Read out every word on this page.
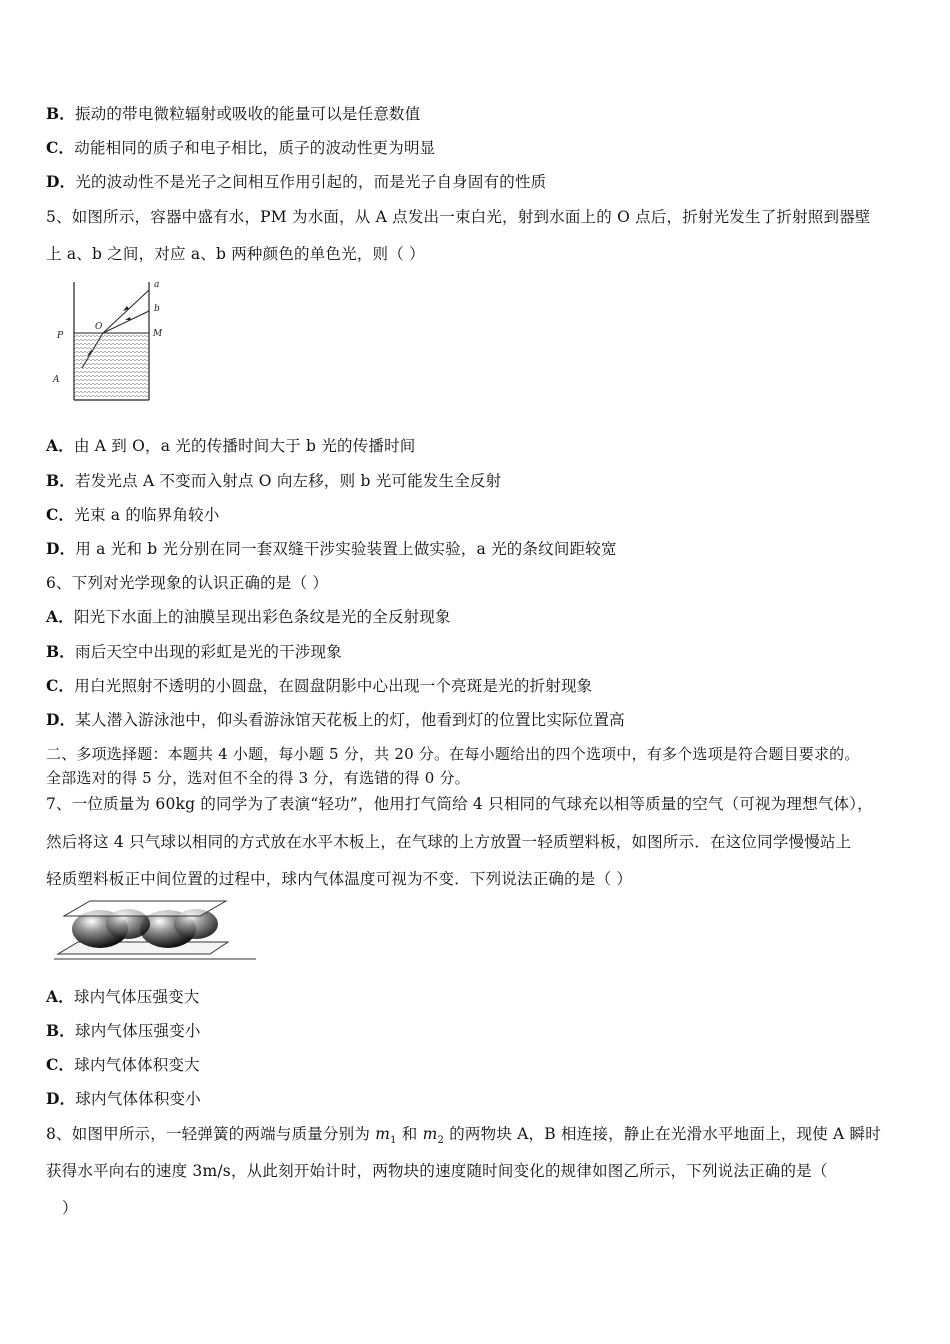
B．振动的带电微粒辐射或吸收的能量可以是任意数值
C．动能相同的质子和电子相比，质子的波动性更为明显
D．光的波动性不是光子之间相互作用引起的，而是光子自身固有的性质
5、如图所示，容器中盛有水，PM 为水面，从 A 点发出一束白光，射到水面上的 O 点后，折射光发生了折射照到器壁
上 a、b 之间，对应 a、b 两种颜色的单色光，则（ ）
P	M
O
A
a
b
A．由 A 到 O，a 光的传播时间大于 b 光的传播时间
B．若发光点 A 不变而入射点 O 向左移，则 b 光可能发生全反射
C．光束 a 的临界角较小
D．用 a 光和 b 光分别在同一套双缝干涉实验装置上做实验，a 光的条纹间距较宽
6、下列对光学现象的认识正确的是（ ）
A．阳光下水面上的油膜呈现出彩色条纹是光的全反射现象
B．雨后天空中出现的彩虹是光的干涉现象
C．用白光照射不透明的小圆盘，在圆盘阴影中心出现一个亮斑是光的折射现象
D．某人潜入游泳池中，仰头看游泳馆天花板上的灯，他看到灯的位置比实际位置高
二、多项选择题：本题共 4 小题，每小题 5 分，共 20 分。在每小题给出的四个选项中，有多个选项是符合题目要求的。
全部选对的得 5 分，选对但不全的得 3 分，有选错的得 0 分。
7、一位质量为 60kg 的同学为了表演“轻功”，他用打气筒给 4 只相同的气球充以相等质量的空气（可视为理想气体），
然后将这 4 只气球以相同的方式放在水平木板上，在气球的上方放置一轻质塑料板，如图所示．在这位同学慢慢站上
轻质塑料板正中间位置的过程中，球内气体温度可视为不变．下列说法正确的是（ ）
A．球内气体压强变大
B．球内气体压强变小
C．球内气体体积变大
D．球内气体体积变小
8、如图甲所示，一轻弹簧的两端与质量分别为 $m_1$ 和 $m_2$ 的两物块 A，B 相连接，静止在光滑水平地面上，现使 A 瞬时
获得水平向右的速度 3m/s，从此刻开始计时，两物块的速度随时间变化的规律如图乙所示，下列说法正确的是（
）
